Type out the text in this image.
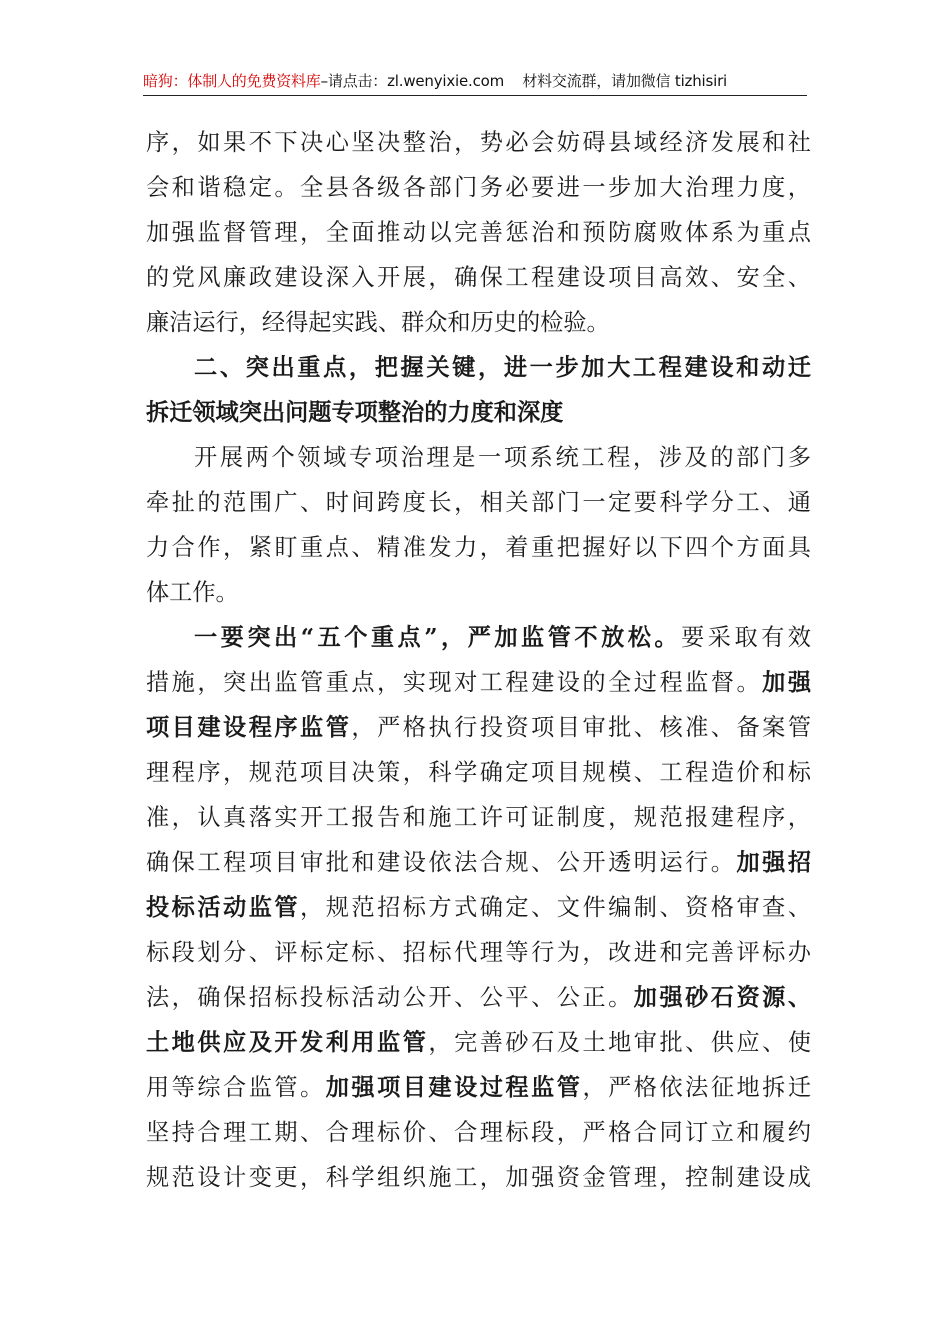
暗狗：体制人的免费资料库–请点击：zl.wenyixie.com 材料交流群，请加微信 tizhisiri
序，如果不下决心坚决整治，势必会妨碍县域经济发展和社
会和谐稳定。全县各级各部门务必要进一步加大治理力度，
加强监督管理，全面推动以完善惩治和预防腐败体系为重点
的党风廉政建设深入开展，确保工程建设项目高效、安全、
廉洁运行，经得起实践、群众和历史的检验。
二、突出重点，把握关键，进一步加大工程建设和动迁
拆迁领域突出问题专项整治的力度和深度
开展两个领域专项治理是一项系统工程，涉及的部门多
牵扯的范围广、时间跨度长，相关部门一定要科学分工、通
力合作，紧盯重点、精准发力，着重把握好以下四个方面具
体工作。
一要突出“五个重点”，严加监管不放松。要采取有效
措施，突出监管重点，实现对工程建设的全过程监督。加强
项目建设程序监管，严格执行投资项目审批、核准、备案管
理程序，规范项目决策，科学确定项目规模、工程造价和标
准，认真落实开工报告和施工许可证制度，规范报建程序，
确保工程项目审批和建设依法合规、公开透明运行。加强招
投标活动监管，规范招标方式确定、文件编制、资格审查、
标段划分、评标定标、招标代理等行为，改进和完善评标办
法，确保招标投标活动公开、公平、公正。加强砂石资源、
土地供应及开发利用监管，完善砂石及土地审批、供应、使
用等综合监管。加强项目建设过程监管，严格依法征地拆迁
坚持合理工期、合理标价、合理标段，严格合同订立和履约
规范设计变更，科学组织施工，加强资金管理，控制建设成
